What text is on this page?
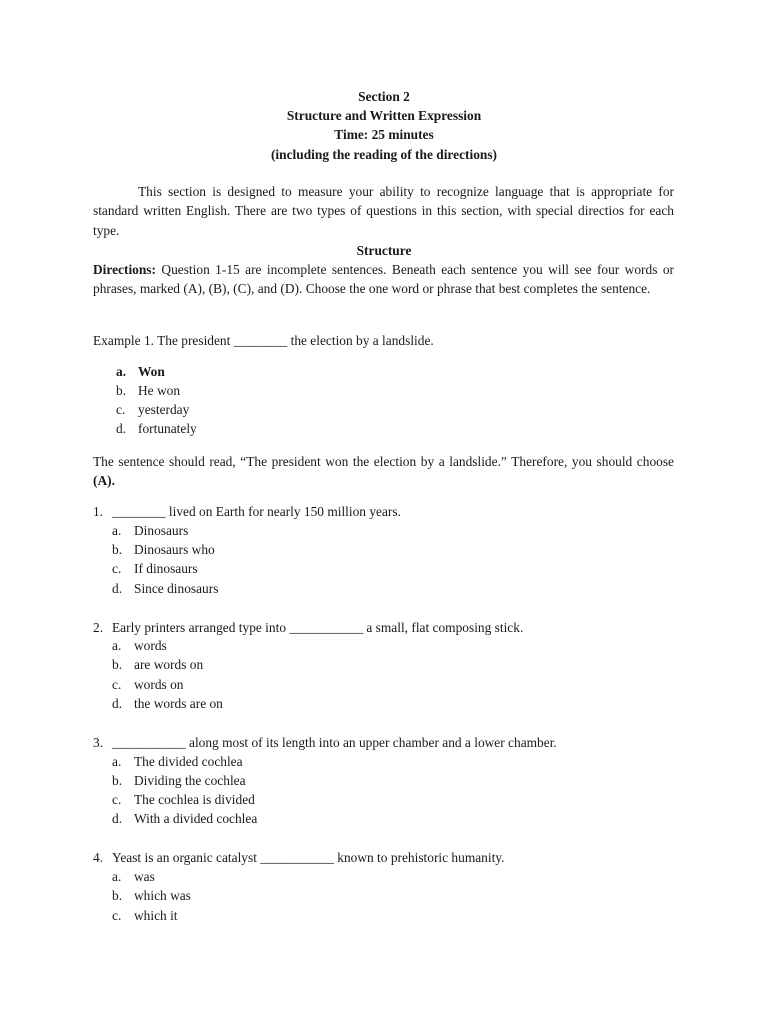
Section 2
Structure and Written Expression
Time: 25 minutes
(including the reading of the directions)
This section is designed to measure your ability to recognize language that is appropriate for standard written English. There are two types of questions in this section, with special directios for each type.
Structure
Directions: Question 1-15 are incomplete sentences. Beneath each sentence you will see four words or phrases, marked (A), (B), (C), and (D). Choose the one word or phrase that best completes the sentence.
Example 1. The president ________ the election by a landslide.
a. Won
b. He won
c. yesterday
d. fortunately
The sentence should read, “The president won the election by a landslide.” Therefore, you should choose (A).
1. ________ lived on Earth for nearly 150 million years.
a. Dinosaurs
b. Dinosaurs who
c. If dinosaurs
d. Since dinosaurs
2. Early printers arranged type into ___________ a small, flat composing stick.
a. words
b. are words on
c. words on
d. the words are on
3. ___________ along most of its length into an upper chamber and a lower chamber.
a. The divided cochlea
b. Dividing the cochlea
c. The cochlea is divided
d. With a divided cochlea
4. Yeast is an organic catalyst ___________ known to prehistoric humanity.
a. was
b. which was
c. which it
